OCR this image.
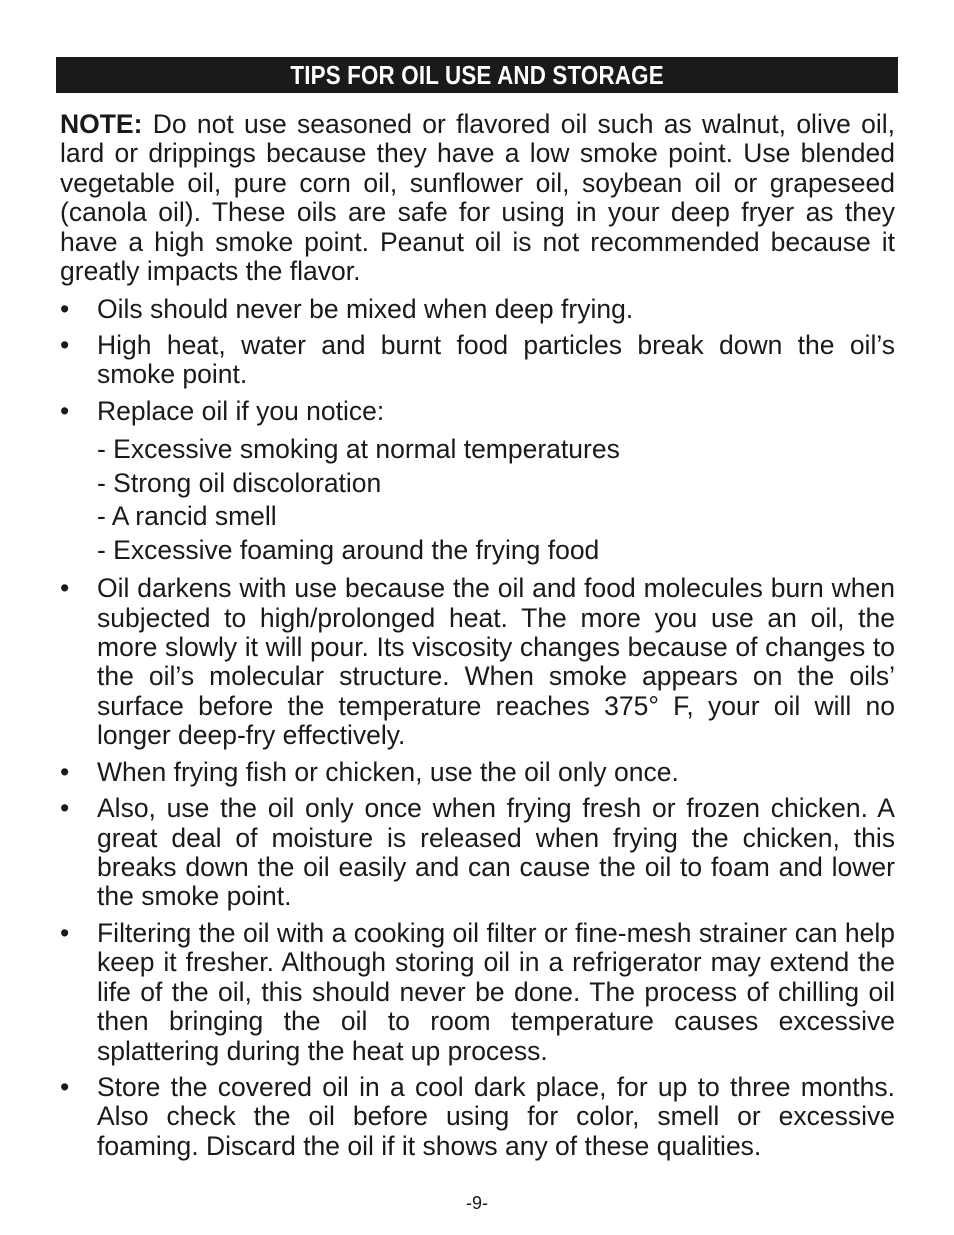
TIPS FOR OIL USE AND STORAGE

NOTE: Do not use seasoned or flavored oil such as walnut, olive oil, lard or drippings because they have a low smoke point. Use blended vegetable oil, pure corn oil, sunflower oil, soybean oil or grapeseed (canola oil). These oils are safe for using in your deep fryer as they have a high smoke point. Peanut oil is not recommended because it greatly impacts the flavor.

• Oils should never be mixed when deep frying.
• High heat, water and burnt food particles break down the oil’s smoke point.
• Replace oil if you notice:
- Excessive smoking at normal temperatures
- Strong oil discoloration
- A rancid smell
- Excessive foaming around the frying food
• Oil darkens with use because the oil and food molecules burn when subjected to high/prolonged heat. The more you use an oil, the more slowly it will pour. Its viscosity changes because of changes to the oil’s molecular structure. When smoke appears on the oils’ surface before the temperature reaches 375° F, your oil will no longer deep-fry effectively.
• When frying fish or chicken, use the oil only once.
• Also, use the oil only once when frying fresh or frozen chicken. A great deal of moisture is released when frying the chicken, this breaks down the oil easily and can cause the oil to foam and lower the smoke point.
• Filtering the oil with a cooking oil filter or fine-mesh strainer can help keep it fresher. Although storing oil in a refrigerator may extend the life of the oil, this should never be done. The process of chilling oil then bringing the oil to room temperature causes excessive splattering during the heat up process.
• Store the covered oil in a cool dark place, for up to three months. Also check the oil before using for color, smell or excessive foaming. Discard the oil if it shows any of these qualities.
-9-
